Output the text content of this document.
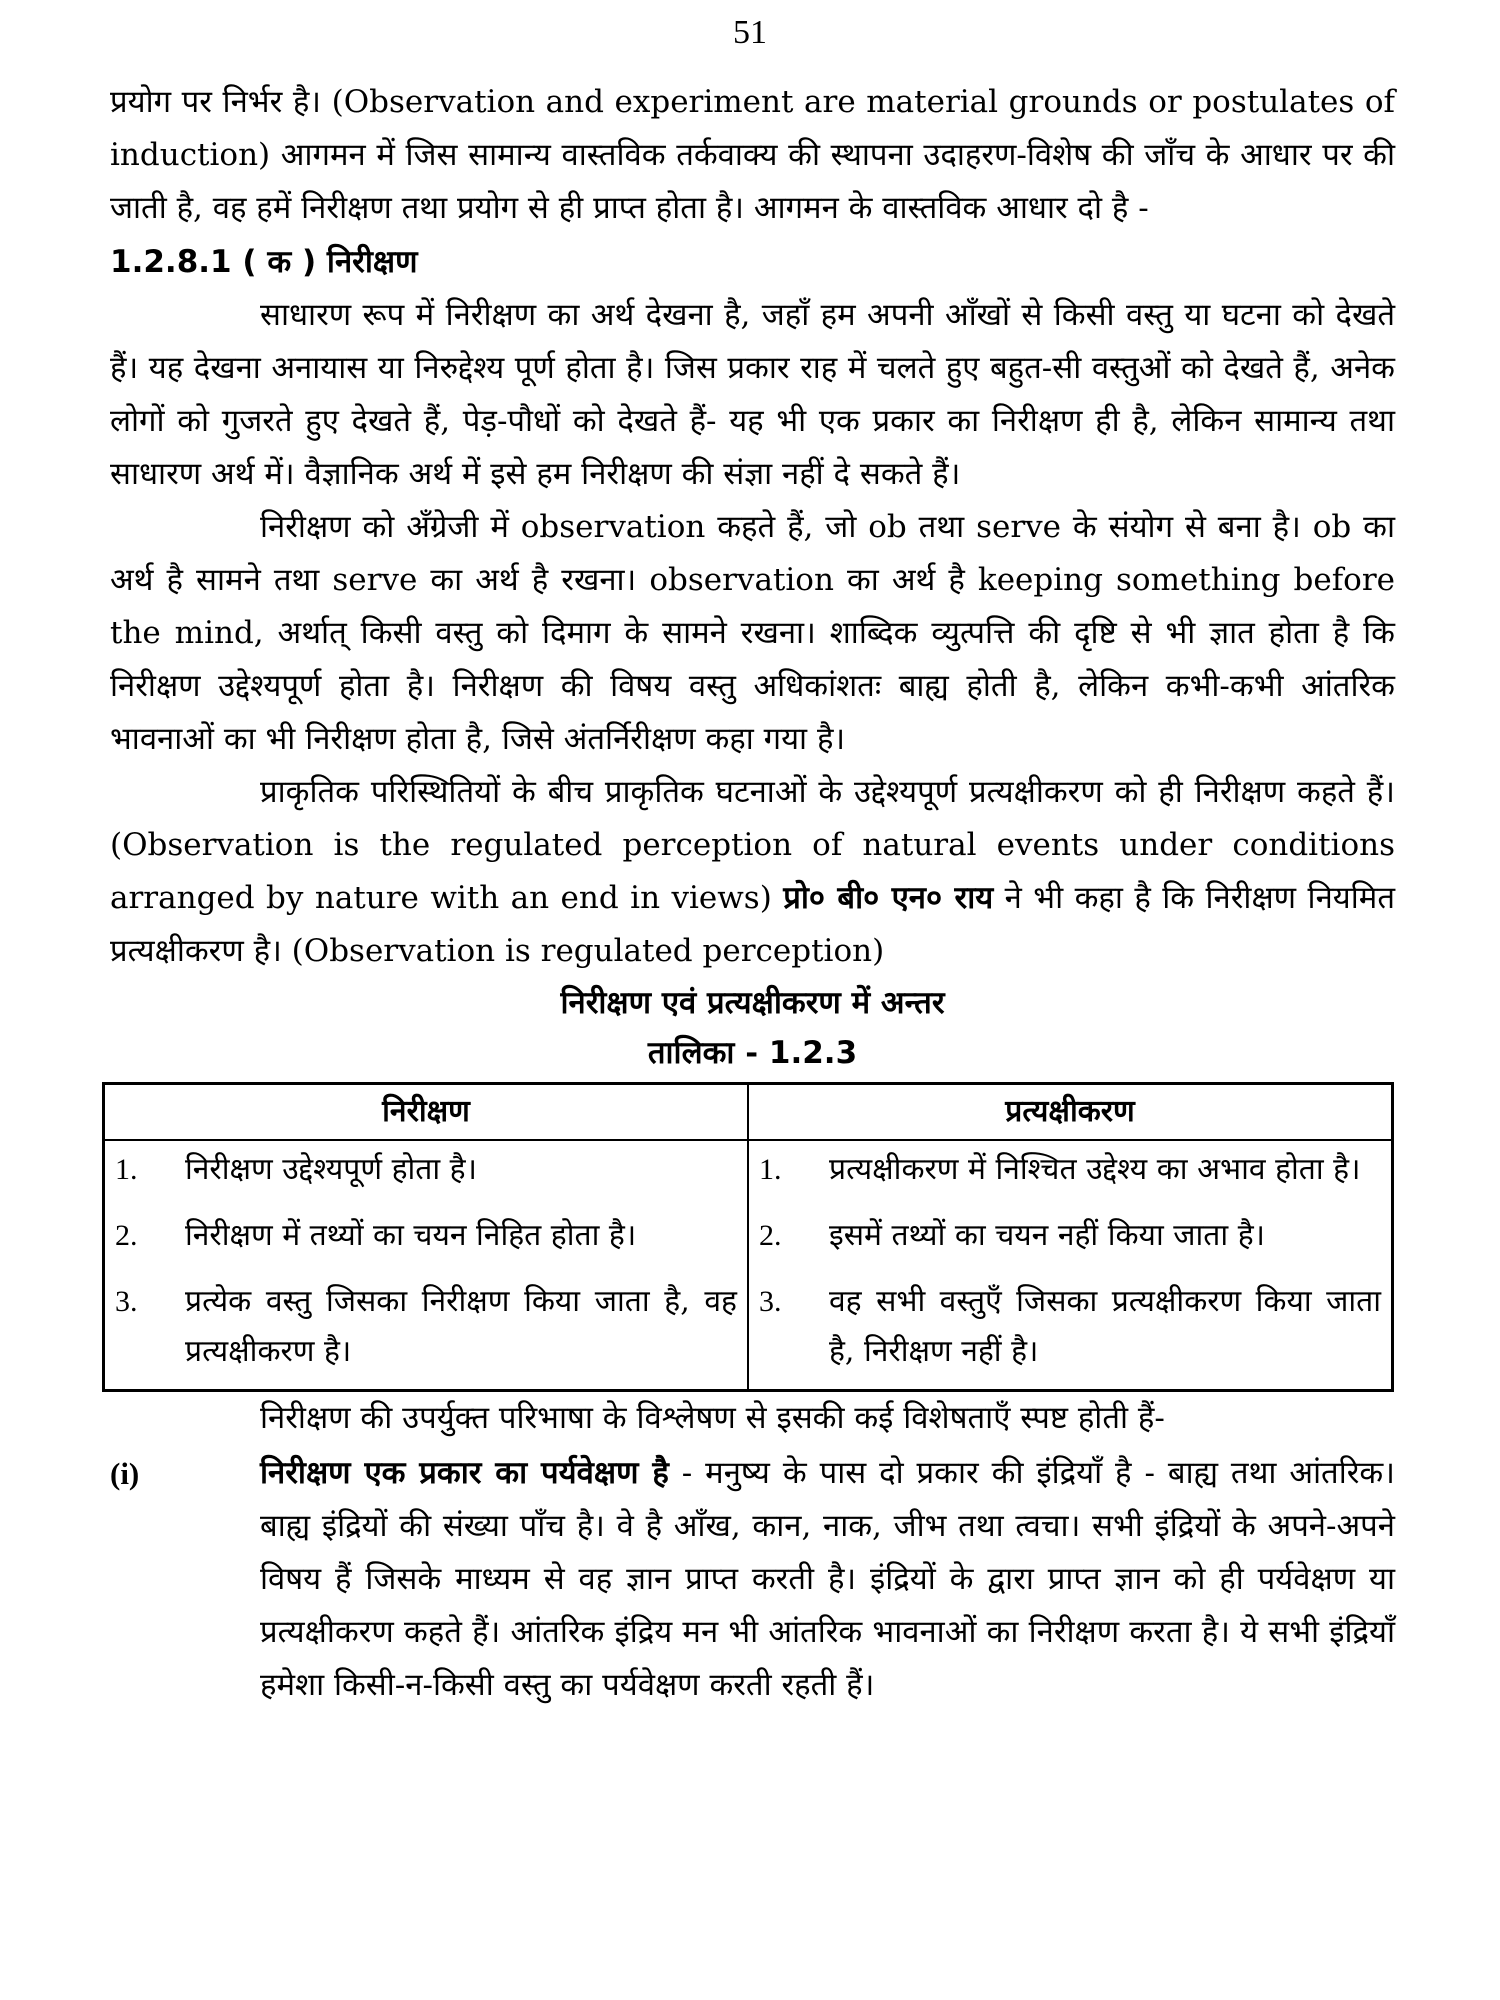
51

प्रयोग पर निर्भर है। (Observation and experiment are material grounds or postulates of induction) आगमन में जिस सामान्य वास्तविक तर्कवाक्य की स्थापना उदाहरण-विशेष की जाँच के आधार पर की जाती है, वह हमें निरीक्षण तथा प्रयोग से ही प्राप्त होता है। आगमन के वास्तविक आधार दो है -

1.2.8.1 ( क ) निरीक्षण

साधारण रूप में निरीक्षण का अर्थ देखना है, जहाँ हम अपनी आँखों से किसी वस्तु या घटना को देखते हैं। यह देखना अनायास या निरुद्देश्य पूर्ण होता है। जिस प्रकार राह में चलते हुए बहुत-सी वस्तुओं को देखते हैं, अनेक लोगों को गुजरते हुए देखते हैं, पेड़-पौधों को देखते हैं- यह भी एक प्रकार का निरीक्षण ही है, लेकिन सामान्य तथा साधारण अर्थ में। वैज्ञानिक अर्थ में इसे हम निरीक्षण की संज्ञा नहीं दे सकते हैं।

निरीक्षण को अँग्रेजी में observation कहते हैं, जो ob तथा serve के संयोग से बना है। ob का अर्थ है सामने तथा serve का अर्थ है रखना। observation का अर्थ है keeping something before the mind, अर्थात् किसी वस्तु को दिमाग के सामने रखना। शाब्दिक व्युत्पत्ति की दृष्टि से भी ज्ञात होता है कि निरीक्षण उद्देश्यपूर्ण होता है। निरीक्षण की विषय वस्तु अधिकांशतः बाह्य होती है, लेकिन कभी-कभी आंतरिक भावनाओं का भी निरीक्षण होता है, जिसे अंतर्निरीक्षण कहा गया है।

प्राकृतिक परिस्थितियों के बीच प्राकृतिक घटनाओं के उद्देश्यपूर्ण प्रत्यक्षीकरण को ही निरीक्षण कहते हैं। (Observation is the regulated perception of natural events under conditions arranged by nature with an end in views) प्रो० बी० एन० राय ने भी कहा है कि निरीक्षण नियमित प्रत्यक्षीकरण है। (Observation is regulated perception)

निरीक्षण एवं प्रत्यक्षीकरण में अन्तर
तालिका - 1.2.3
निरीक्षण	प्रत्यक्षीकरण

1. निरीक्षण उद्देश्यपूर्ण होता है।	1. प्रत्यक्षीकरण में निश्चित उद्देश्य का अभाव होता है।

2. निरीक्षण में तथ्यों का चयन निहित होता है।	2. इसमें तथ्यों का चयन नहीं किया जाता है।

3. प्रत्येक वस्तु जिसका निरीक्षण किया जाता है, वह प्रत्यक्षीकरण है।	3. वह सभी वस्तुएँ जिसका प्रत्यक्षीकरण किया जाता है, निरीक्षण नहीं है।

निरीक्षण की उपर्युक्त परिभाषा के विश्लेषण से इसकी कई विशेषताएँ स्पष्ट होती हैं-

(i)	निरीक्षण एक प्रकार का पर्यवेक्षण है - मनुष्य के पास दो प्रकार की इंद्रियाँ है - बाह्य तथा आंतरिक। बाह्य इंद्रियों की संख्या पाँच है। वे है आँख, कान, नाक, जीभ तथा त्वचा। सभी इंद्रियों के अपने-अपने विषय हैं जिसके माध्यम से वह ज्ञान प्राप्त करती है। इंद्रियों के द्वारा प्राप्त ज्ञान को ही पर्यवेक्षण या प्रत्यक्षीकरण कहते हैं। आंतरिक इंद्रिय मन भी आंतरिक भावनाओं का निरीक्षण करता है। ये सभी इंद्रियाँ हमेशा किसी-न-किसी वस्तु का पर्यवेक्षण करती रहती हैं।
